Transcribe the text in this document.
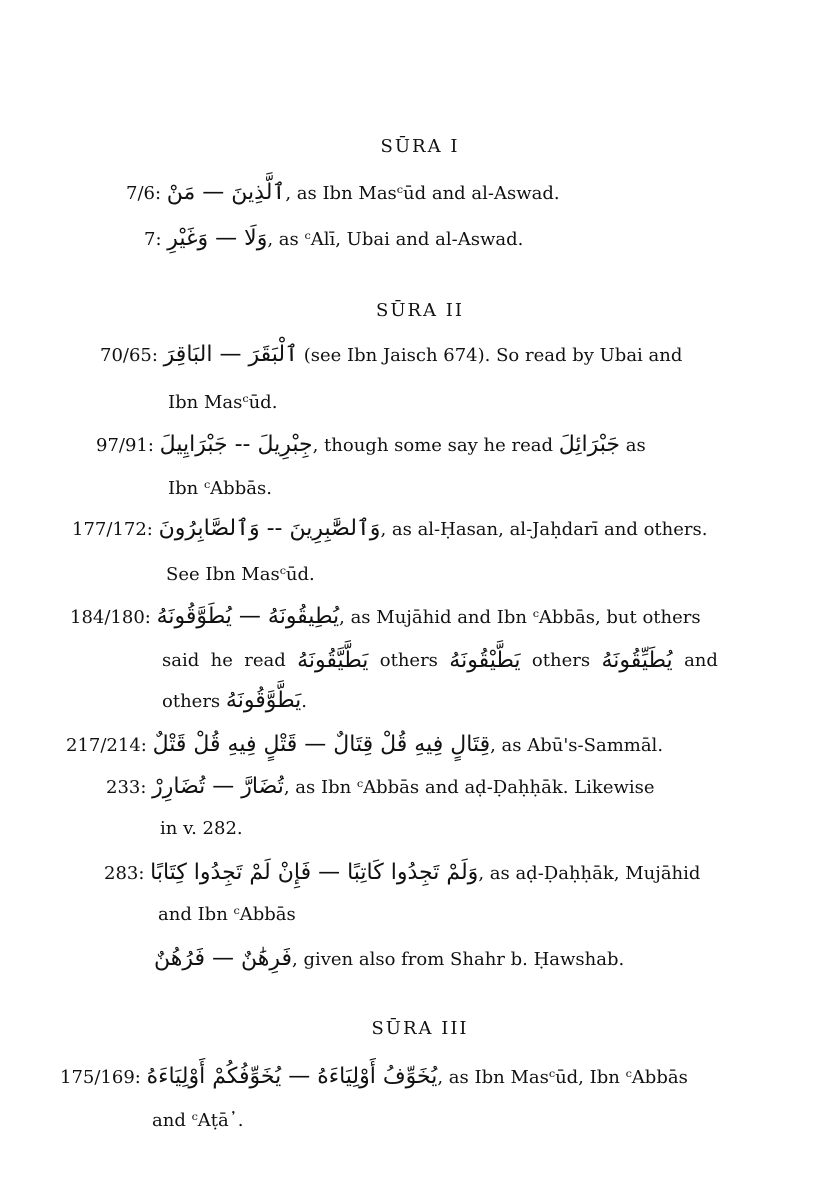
SŪRA I
7/6: ٱلَّذِينَ — مَنْ, as Ibn Masᶜūd and al-Aswad.
7: وَلَا — وَغَيْرِ, as ᶜAlī, Ubai and al-Aswad.
SŪRA II
70/65: ٱلْبَقَرَ — البَاقِرَ (see Ibn Jaisch 674). So read by Ubai and
Ibn Masᶜūd.
97/91: جِبْرِيلَ -- جَبْرَايِيلَ, though some say he read جَبْرَائِلَ as
Ibn ᶜAbbās.
177/172: وَٱلصَّٰبِرِينَ -- وَٱلصَّابِرُونَ, as al-Ḥasan, al-Jaḥdarī and others.
See Ibn Masᶜūd.
184/180: يُطِيقُونَهُ — يُطَوَّقُونَهُ, as Mujāhid and Ibn ᶜAbbās, but others
said he read يَطَّيَّقُونَهُ others يَطَّيْقُونَهُ others يُطَيِّقُونَهُ and
others يَطَّوَّقُونَهُ.
217/214: قِتَالٍ فِيهِ قُلْ قِتَالٌ — قَتْلٍ فِيهِ قُلْ قَتْلٌ, as Abū's-Sammāl.
233: تُضَارَّ — تُضَارِرْ, as Ibn ᶜAbbās and aḍ-Ḍaḥḥāk. Likewise
in v. 282.
283: وَلَمْ تَجِدُوا كَاتِبًا — فَإِنْ لَمْ تَجِدُوا كِتَابًا, as aḍ-Ḍaḥḥāk, Mujāhid
and Ibn ᶜAbbās
فَرِهَٰنٌ — فَرُهُنٌ, given also from Shahr b. Ḥawshab.
SŪRA III
175/169: يُخَوِّفُ أَوْلِيَاءَهُ — يُخَوِّفُكُمْ أَوْلِيَاءَهُ, as Ibn Masᶜūd, Ibn ᶜAbbās
and ᶜAṭā᾽.
